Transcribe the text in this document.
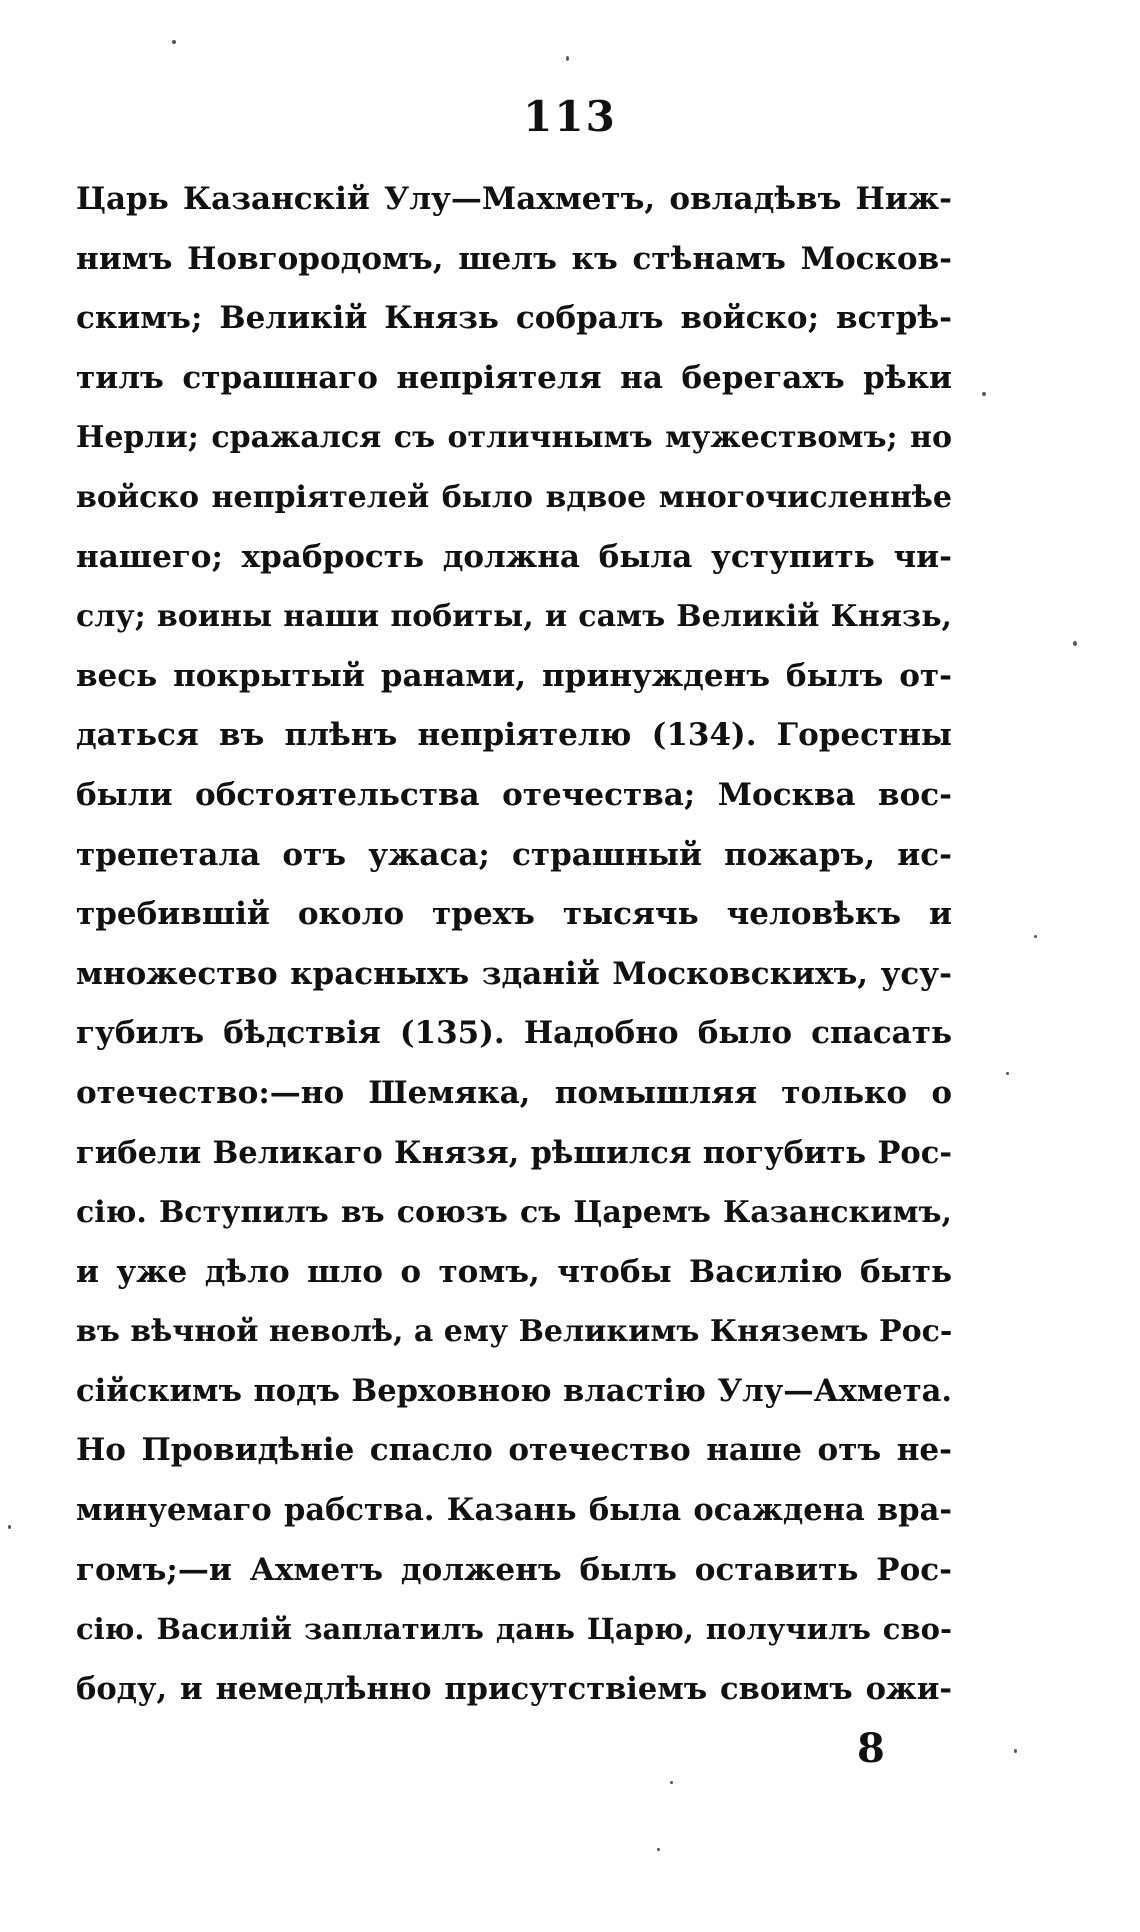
113
Царь Казанскій Улу—Махметъ, овладѣвъ Ниж-
нимъ Новгородомъ, шелъ къ стѣнамъ Москов-
скимъ; Великій Князь собралъ войско; встрѣ-
тилъ страшнаго непріятеля на берегахъ рѣки
Нерли; сражался съ отличнымъ мужествомъ; но
войско непріятелей было вдвое многочисленнѣе
нашего; храбрость должна была уступить чи-
слу; воины наши побиты, и самъ Великій Князь,
весь покрытый ранами, принужденъ былъ от-
даться въ плѣнъ непріятелю (134). Горестны
были обстоятельства отечества; Москва вос-
трепетала отъ ужаса; страшный пожаръ, ис-
требившій около трехъ тысячь человѣкъ и
множество красныхъ зданій Московскихъ, усу-
губилъ бѣдствія (135). Надобно было спасать
отечество:—но Шемяка, помышляя только о
гибели Великаго Князя, рѣшился погубить Рос-
сію. Вступилъ въ союзъ съ Царемъ Казанскимъ,
и уже дѣло шло о томъ, чтобы Василію быть
въ вѣчной неволѣ, а ему Великимъ Княземъ Рос-
сійскимъ подъ Верховною властію Улу—Ахмета.
Но Провидѣніе спасло отечество наше отъ не-
минуемаго рабства. Казань была осаждена вра-
гомъ;—и Ахметъ долженъ былъ оставить Рос-
сію. Василій заплатилъ дань Царю, получилъ сво-
боду, и немедлѣнно присутствіемъ своимъ ожи-
8
